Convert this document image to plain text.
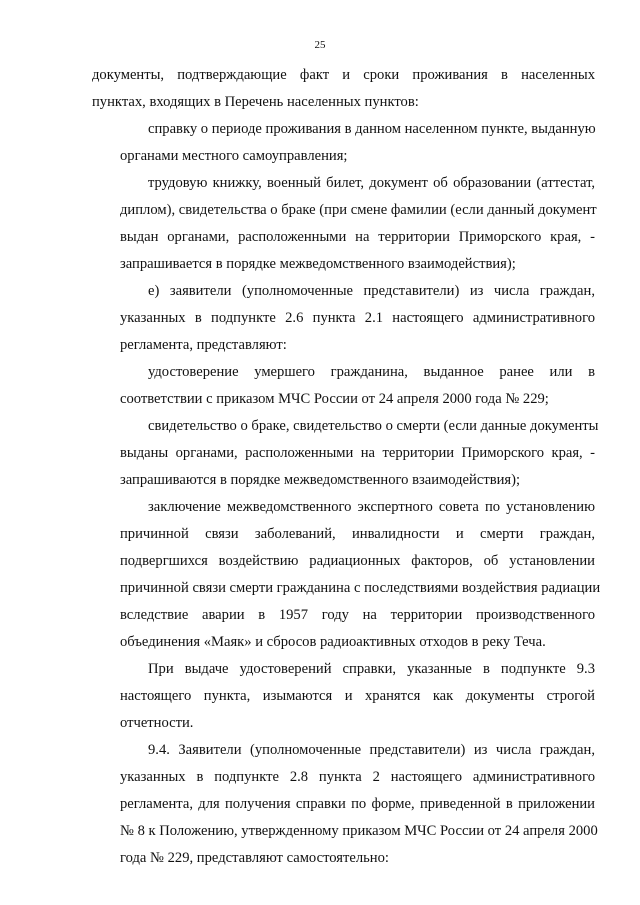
25
документы, подтверждающие факт и сроки проживания в населенных
пунктах, входящих в Перечень населенных пунктов:
справку о периоде проживания в данном населенном пункте, выданную
органами местного самоуправления;
трудовую книжку, военный билет, документ об образовании (аттестат,
диплом), свидетельства о браке (при смене фамилии (если данный документ
выдан органами, расположенными на территории Приморского края, -
запрашивается в порядке межведомственного взаимодействия);
е) заявители (уполномоченные представители) из числа граждан,
указанных в подпункте 2.6 пункта 2.1 настоящего административного
регламента, представляют:
удостоверение умершего гражданина, выданное ранее или в
соответствии с приказом МЧС России от 24 апреля 2000 года № 229;
свидетельство о браке, свидетельство о смерти (если данные документы
выданы органами, расположенными на территории Приморского края, -
запрашиваются в порядке межведомственного взаимодействия);
заключение межведомственного экспертного совета по установлению
причинной связи заболеваний, инвалидности и смерти граждан,
подвергшихся воздействию радиационных факторов, об установлении
причинной связи смерти гражданина с последствиями воздействия радиации
вследствие аварии в 1957 году на территории производственного
объединения «Маяк» и сбросов радиоактивных отходов в реку Теча.
При выдаче удостоверений справки, указанные в подпункте 9.3
настоящего пункта, изымаются и хранятся как документы строгой
отчетности.
9.4. Заявители (уполномоченные представители) из числа граждан,
указанных в подпункте 2.8 пункта 2 настоящего административного
регламента, для получения справки по форме, приведенной в приложении
№ 8 к Положению, утвержденному приказом МЧС России от 24 апреля 2000
года № 229, представляют самостоятельно:
